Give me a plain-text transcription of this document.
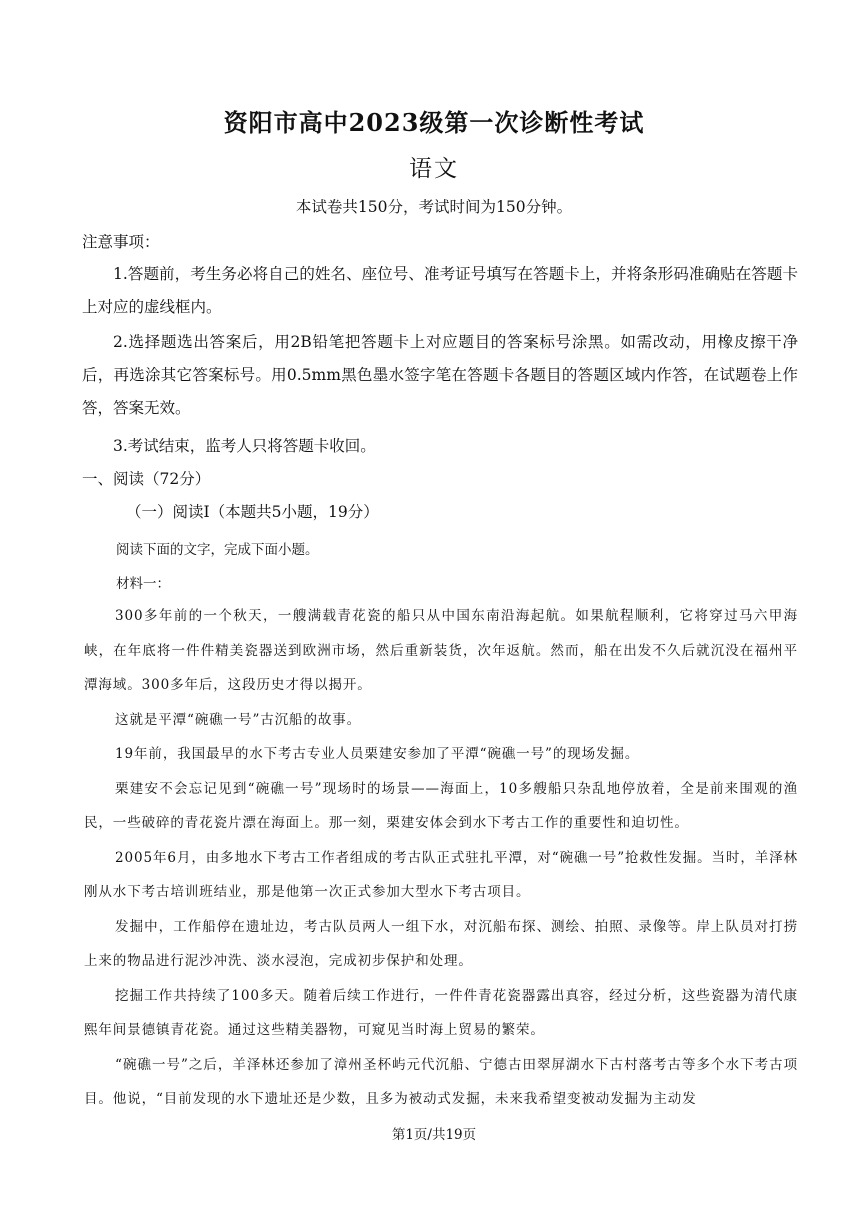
资阳市高中2023级第一次诊断性考试
语文
本试卷共150分，考试时间为150分钟。
注意事项：
1.答题前，考生务必将自己的姓名、座位号、准考证号填写在答题卡上，并将条形码准确贴在答题卡上对应的虚线框内。
2.选择题选出答案后，用2B铅笔把答题卡上对应题目的答案标号涂黑。如需改动，用橡皮擦干净后，再选涂其它答案标号。用0.5mm黑色墨水签字笔在答题卡各题目的答题区域内作答，在试题卷上作答，答案无效。
3.考试结束，监考人只将答题卡收回。
一、阅读（72分）
（一）阅读Ⅰ（本题共5小题，19分）
阅读下面的文字，完成下面小题。
材料一：

300多年前的一个秋天，一艘满载青花瓷的船只从中国东南沿海起航。如果航程顺利，它将穿过马六甲海峡，在年底将一件件精美瓷器送到欧洲市场，然后重新装货，次年返航。然而，船在出发不久后就沉没在福州平潭海域。300多年后，这段历史才得以揭开。

这就是平潭“碗礁一号”古沉船的故事。

19年前，我国最早的水下考古专业人员栗建安参加了平潭“碗礁一号”的现场发掘。

栗建安不会忘记见到“碗礁一号”现场时的场景——海面上，10多艘船只杂乱地停放着，全是前来围观的渔民，一些破碎的青花瓷片漂在海面上。那一刻，栗建安体会到水下考古工作的重要性和迫切性。

2005年6月，由多地水下考古工作者组成的考古队正式驻扎平潭，对“碗礁一号”抢救性发掘。当时，羊泽林刚从水下考古培训班结业，那是他第一次正式参加大型水下考古项目。

发掘中，工作船停在遗址边，考古队员两人一组下水，对沉船布探、测绘、拍照、录像等。岸上队员对打捞上来的物品进行泥沙冲洗、淡水浸泡，完成初步保护和处理。

挖掘工作共持续了100多天。随着后续工作进行，一件件青花瓷器露出真容，经过分析，这些瓷器为清代康熙年间景德镇青花瓷。通过这些精美器物，可窥见当时海上贸易的繁荣。

“碗礁一号”之后，羊泽林还参加了漳州圣杯屿元代沉船、宁德古田翠屏湖水下古村落考古等多个水下考古项目。他说，“目前发现的水下遗址还是少数，且多为被动式发掘，未来我希望变被动发掘为主动发

第1页/共19页
